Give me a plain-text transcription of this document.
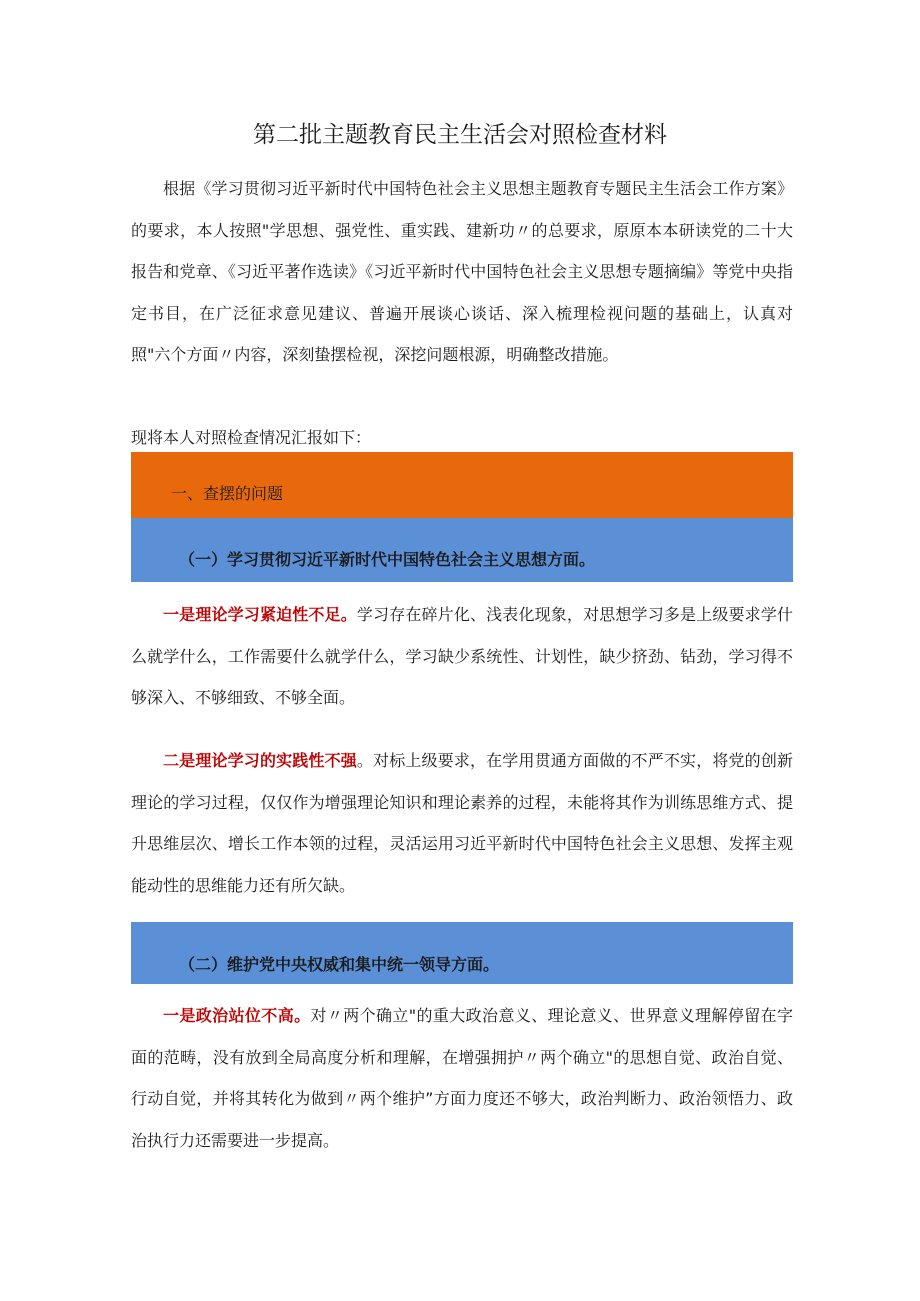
第二批主题教育民主生活会对照检查材料
根据《学习贯彻习近平新时代中国特色社会主义思想主题教育专题民主生活会工作方案》的要求，本人按照"学思想、强党性、重实践、建新功〃的总要求，原原本本研读党的二十大报告和党章、《习近平著作选读》《习近平新时代中国特色社会主义思想专题摘编》等党中央指定书目，在广泛征求意见建议、普遍开展谈心谈话、深入梳理检视问题的基础上，认真对照"六个方面〃内容，深刻蛰摆检视，深挖问题根源，明确整改措施。
现将本人对照检查情况汇报如下：
一、查摆的问题
（一）学习贯彻习近平新时代中国特色社会主义思想方面。
一是理论学习紧迫性不足。学习存在碎片化、浅表化现象，对思想学习多是上级要求学什么就学什么，工作需要什么就学什么，学习缺少系统性、计划性，缺少挤劲、钻劲，学习得不够深入、不够细致、不够全面。
二是理论学习的实践性不强。对标上级要求，在学用贯通方面做的不严不实，将党的创新理论的学习过程，仅仅作为增强理论知识和理论素养的过程，未能将其作为训练思维方式、提升思维层次、增长工作本领的过程，灵活运用习近平新时代中国特色社会主义思想、发挥主观能动性的思维能力还有所欠缺。
（二）维护党中央权威和集中统一领导方面。
一是政治站位不高。对〃两个确立"的重大政治意义、理论意义、世界意义理解停留在字面的范畴，没有放到全局高度分析和理解，在增强拥护〃两个确立"的思想自觉、政治自觉、行动自觉，并将其转化为做到〃两个维护”方面力度还不够大，政治判断力、政治领悟力、政治执行力还需要进一步提高。
